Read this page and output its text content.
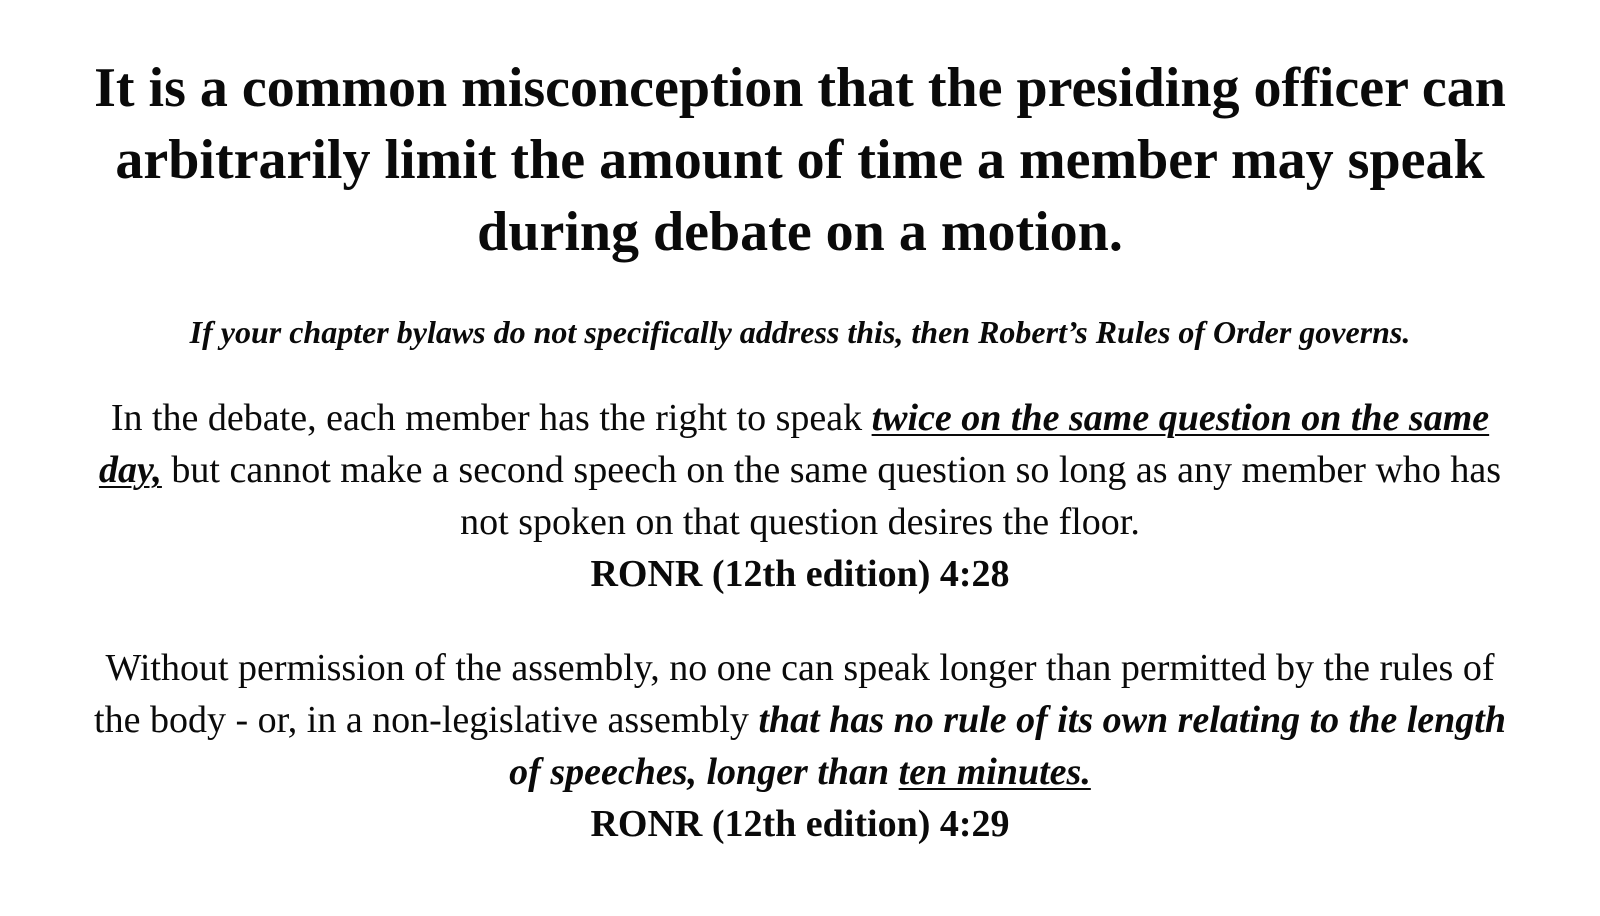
It is a common misconception that the presiding officer can arbitrarily limit the amount of time a member may speak during debate on a motion.

If your chapter bylaws do not specifically address this, then Robert’s Rules of Order governs.

In the debate, each member has the right to speak twice on the same question on the same day, but cannot make a second speech on the same question so long as any member who has not spoken on that question desires the floor.
RONR (12th edition) 4:28

Without permission of the assembly, no one can speak longer than permitted by the rules of the body - or, in a non-legislative assembly that has no rule of its own relating to the length of speeches, longer than ten minutes.
RONR (12th edition) 4:29
